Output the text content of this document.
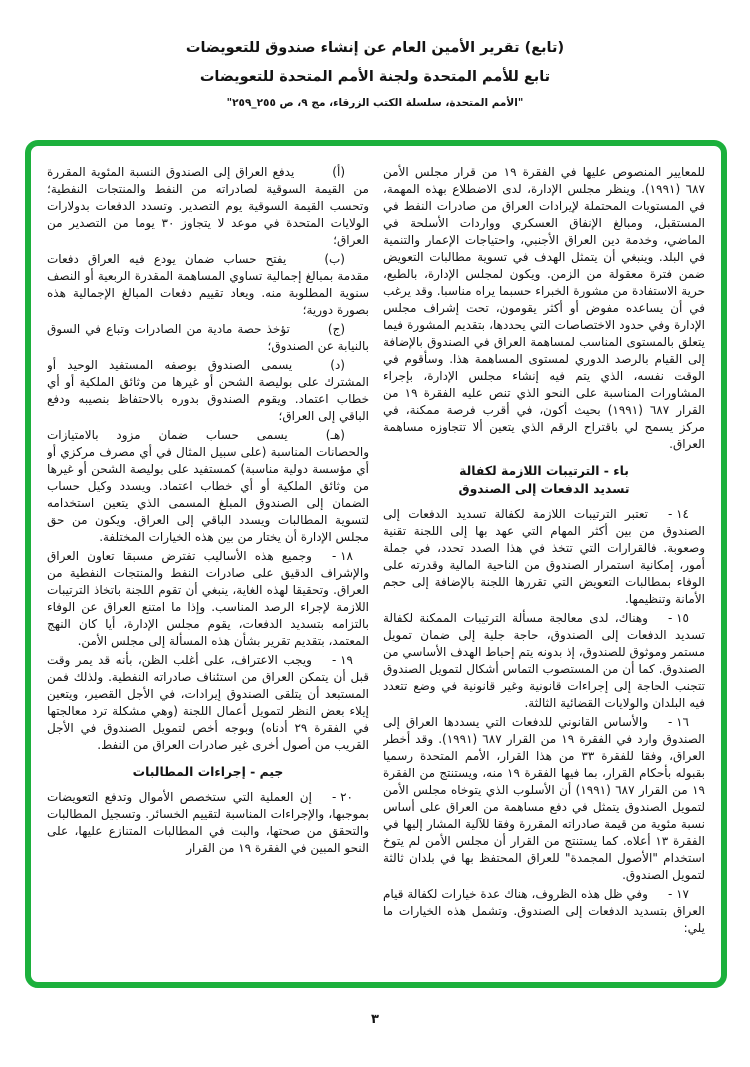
(تابع) تقرير الأمين العام عن إنشاء صندوق للتعويضات
تابع للأمم المتحدة ولجنة الأمم المتحدة للتعويضات
"الأمم المتحدة، سلسلة الكتب الزرقاء، مج ٩، ص ٢٥٥_٢٥٩"

للمعايير المنصوص عليها في الفقرة ١٩ من قرار مجلس الأمن ٦٨٧ (١٩٩١). وينظر مجلس الإدارة، لدى الاضطلاع بهذه المهمة، في المستويات المحتملة لإيرادات العراق من صادرات النفط في المستقبل، ومبالغ الإنفاق العسكري وواردات الأسلحة في الماضي، وخدمة دين العراق الأجنبي، واحتياجات الإعمار والتنمية في البلد. وينبغي أن يتمثل الهدف في تسوية مطالبات التعويض ضمن فترة معقولة من الزمن. ويكون لمجلس الإدارة، بالطبع، حرية الاستفادة من مشورة الخبراء حسبما يراه مناسبا. وقد يرغب في أن يساعده مفوض أو أكثر يقومون، تحت إشراف مجلس الإدارة وفي حدود الاختصاصات التي يحددها، بتقديم المشورة فيما يتعلق بالمستوى المناسب لمساهمة العراق في الصندوق بالإضافة إلى القيام بالرصد الدوري لمستوى المساهمة هذا. وسأقوم في الوقت نفسه، الذي يتم فيه إنشاء مجلس الإدارة، بإجراء المشاورات المناسبة على النحو الذي تنص عليه الفقرة ١٩ من القرار ٦٨٧ (١٩٩١) بحيث أكون، في أقرب فرصة ممكنة، في مركز يسمح لي باقتراح الرقم الذي يتعين ألا تتجاوزه مساهمة العراق.

باء - الترتيبات اللازمة لكفالة
تسديد الدفعات إلى الصندوق

١٤ -تعتبر الترتيبات اللازمة لكفالة تسديد الدفعات إلى الصندوق من بين أكثر المهام التي عهد بها إلى اللجنة تقنية وصعوبة. فالقرارات التي تتخذ في هذا الصدد تحدد، في جملة أمور، إمكانية استمرار الصندوق من الناحية المالية وقدرته على الوفاء بمطالبات التعويض التي تقررها اللجنة بالإضافة إلى حجم الأمانة وتنظيمها.

١٥ -وهناك، لدى معالجة مسألة الترتيبات الممكنة لكفالة تسديد الدفعات إلى الصندوق، حاجة جلية إلى ضمان تمويل مستمر وموثوق للصندوق، إذ بدونه يتم إحباط الهدف الأساسي من الصندوق. كما أن من المستصوب التماس أشكال لتمويل الصندوق تتجنب الحاجة إلى إجراءات قانونية وغير قانونية في وضع تتعدد فيه البلدان والولايات القضائية الثالثة.

١٦ -والأساس القانوني للدفعات التي يسددها العراق إلى الصندوق وارد في الفقرة ١٩ من القرار ٦٨٧ (١٩٩١). وقد أخطر العراق، وفقا للفقرة ٣٣ من هذا القرار، الأمم المتحدة رسميا بقبوله بأحكام القرار، بما فيها الفقرة ١٩ منه، ويستنتج من الفقرة ١٩ من القرار ٦٨٧ (١٩٩١) أن الأسلوب الذي يتوخاه مجلس الأمن لتمويل الصندوق يتمثل في دفع مساهمة من العراق على أساس نسبة مئوية من قيمة صادراته المقررة وفقا للآلية المشار إليها في الفقرة ١٣ أعلاه. كما يستنتج من القرار أن مجلس الأمن لم يتوخ استخدام "الأصول المجمدة" للعراق المحتفظ بها في بلدان ثالثة لتمويل الصندوق.

١٧ -وفي ظل هذه الظروف، هناك عدة خيارات لكفالة قيام العراق بتسديد الدفعات إلى الصندوق. وتشمل هذه الخيارات ما يلي:

(أ)يدفع العراق إلى الصندوق النسبة المئوية المقررة من القيمة السوقية لصادراته من النفط والمنتجات النفطية؛ وتحسب القيمة السوقية يوم التصدير. وتسدد الدفعات بدولارات الولايات المتحدة في موعد لا يتجاوز ٣٠ يوما من التصدير من العراق؛

(ب)يفتح حساب ضمان يودع فيه العراق دفعات مقدمة بمبالغ إجمالية تساوي المساهمة المقدرة الربعية أو النصف سنوية المطلوبة منه. ويعاد تقييم دفعات المبالغ الإجمالية هذه بصورة دورية؛

(ج)تؤخذ حصة مادية من الصادرات وتباع في السوق بالنيابة عن الصندوق؛

(د)يسمى الصندوق بوصفه المستفيد الوحيد أو المشترك على بوليصة الشحن أو غيرها من وثائق الملكية أو أي خطاب اعتماد. ويقوم الصندوق بدوره بالاحتفاظ بنصيبه ودفع الباقي إلى العراق؛

(هـ)يسمى حساب ضمان مزود بالامتيازات والحصانات المناسبة (على سبيل المثال في أي مصرف مركزي أو أي مؤسسة دولية مناسبة) كمستفيد على بوليصة الشحن أو غيرها من وثائق الملكية أو أي خطاب اعتماد. ويسدد وكيل حساب الضمان إلى الصندوق المبلغ المسمى الذي يتعين استخدامه لتسوية المطالبات ويسدد الباقي إلى العراق. ويكون من حق مجلس الإدارة أن يختار من بين هذه الخيارات المختلفة.

١٨ -وجميع هذه الأساليب تفترض مسبقا تعاون العراق والإشراف الدقيق على صادرات النفط والمنتجات النفطية من العراق. وتحقيقا لهذه الغاية، ينبغي أن تقوم اللجنة باتخاذ الترتيبات اللازمة لإجراء الرصد المناسب. وإذا ما امتنع العراق عن الوفاء بالتزامه بتسديد الدفعات، يقوم مجلس الإدارة، أيا كان النهج المعتمد، بتقديم تقرير بشأن هذه المسألة إلى مجلس الأمن.

١٩ -ويجب الاعتراف، على أغلب الظن، بأنه قد يمر وقت قبل أن يتمكن العراق من استئناف صادراته النفطية. ولذلك فمن المستبعد أن يتلقى الصندوق إيرادات، في الأجل القصير، ويتعين إيلاء بعض النظر لتمويل أعمال اللجنة (وهي مشكلة ترد معالجتها في الفقرة ٢٩ أدناه) وبوجه أخص لتمويل الصندوق في الأجل القريب من أصول أخرى غير صادرات العراق من النفط.

جيم - إجراءات المطالبات

٢٠ -إن العملية التي ستخصص الأموال وتدفع التعويضات بموجبها، والإجراءات المناسبة لتقييم الخسائر. وتسجيل المطالبات والتحقق من صحتها، والبت في المطالبات المتنازع عليها، على النحو المبين في الفقرة ١٩ من القرار

٣
